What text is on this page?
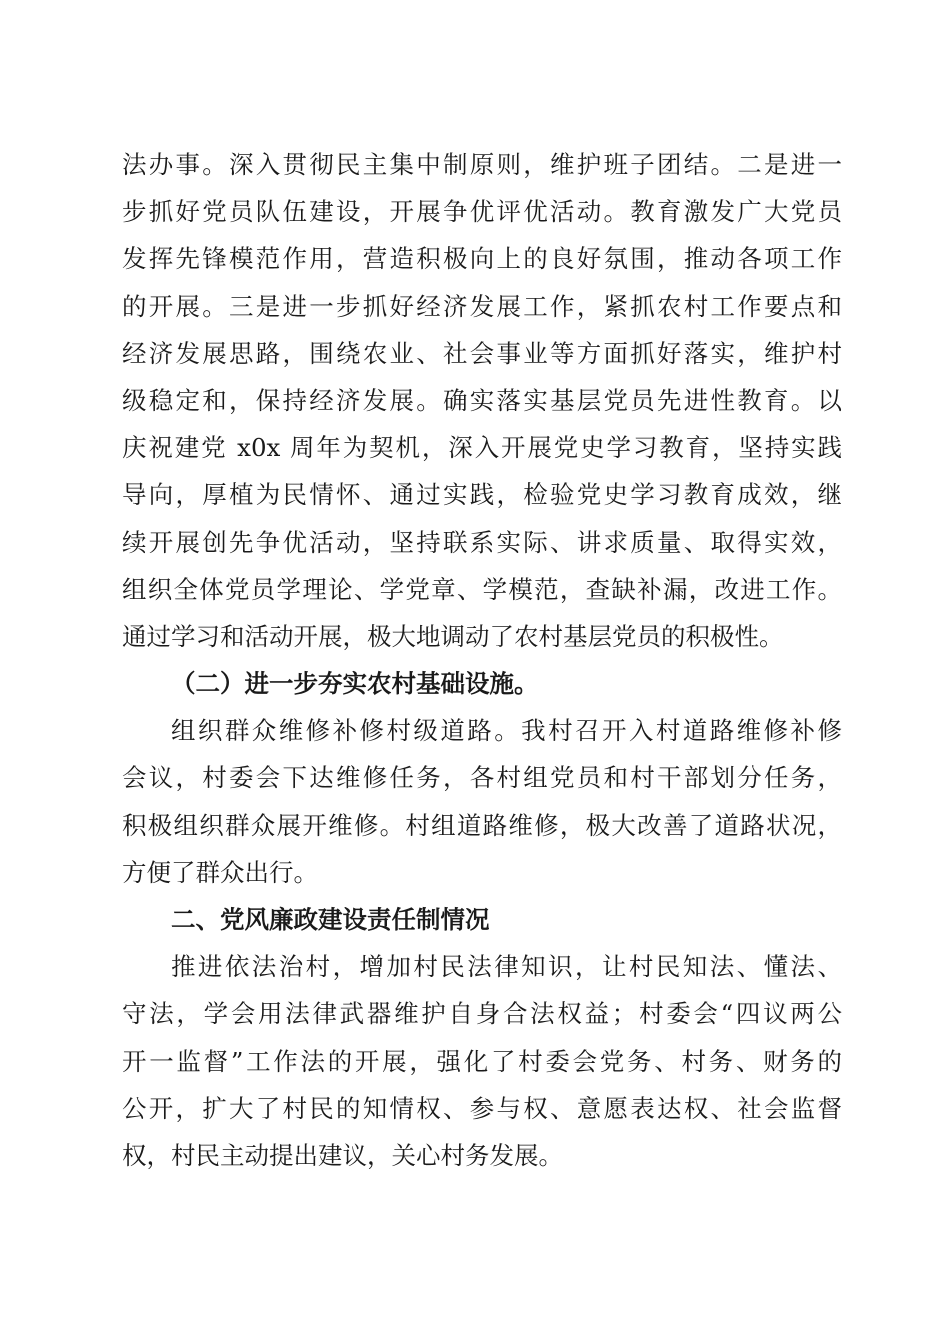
法办事。深入贯彻民主集中制原则，维护班子团结。二是进一
步抓好党员队伍建设，开展争优评优活动。教育激发广大党员
发挥先锋模范作用，营造积极向上的良好氛围，推动各项工作
的开展。三是进一步抓好经济发展工作，紧抓农村工作要点和
经济发展思路，围绕农业、社会事业等方面抓好落实，维护村
级稳定和，保持经济发展。确实落实基层党员先进性教育。以
庆祝建党 x0x 周年为契机，深入开展党史学习教育，坚持实践
导向，厚植为民情怀、通过实践，检验党史学习教育成效，继
续开展创先争优活动，坚持联系实际、讲求质量、取得实效，
组织全体党员学理论、学党章、学模范，查缺补漏，改进工作。
通过学习和活动开展，极大地调动了农村基层党员的积极性。
（二）进一步夯实农村基础设施。
组织群众维修补修村级道路。我村召开入村道路维修补修
会议，村委会下达维修任务，各村组党员和村干部划分任务，
积极组织群众展开维修。村组道路维修，极大改善了道路状况，
方便了群众出行。
二、党风廉政建设责任制情况
推进依法治村，增加村民法律知识，让村民知法、懂法、
守法，学会用法律武器维护自身合法权益；村委会“四议两公
开一监督”工作法的开展，强化了村委会党务、村务、财务的
公开，扩大了村民的知情权、参与权、意愿表达权、社会监督
权，村民主动提出建议，关心村务发展。
